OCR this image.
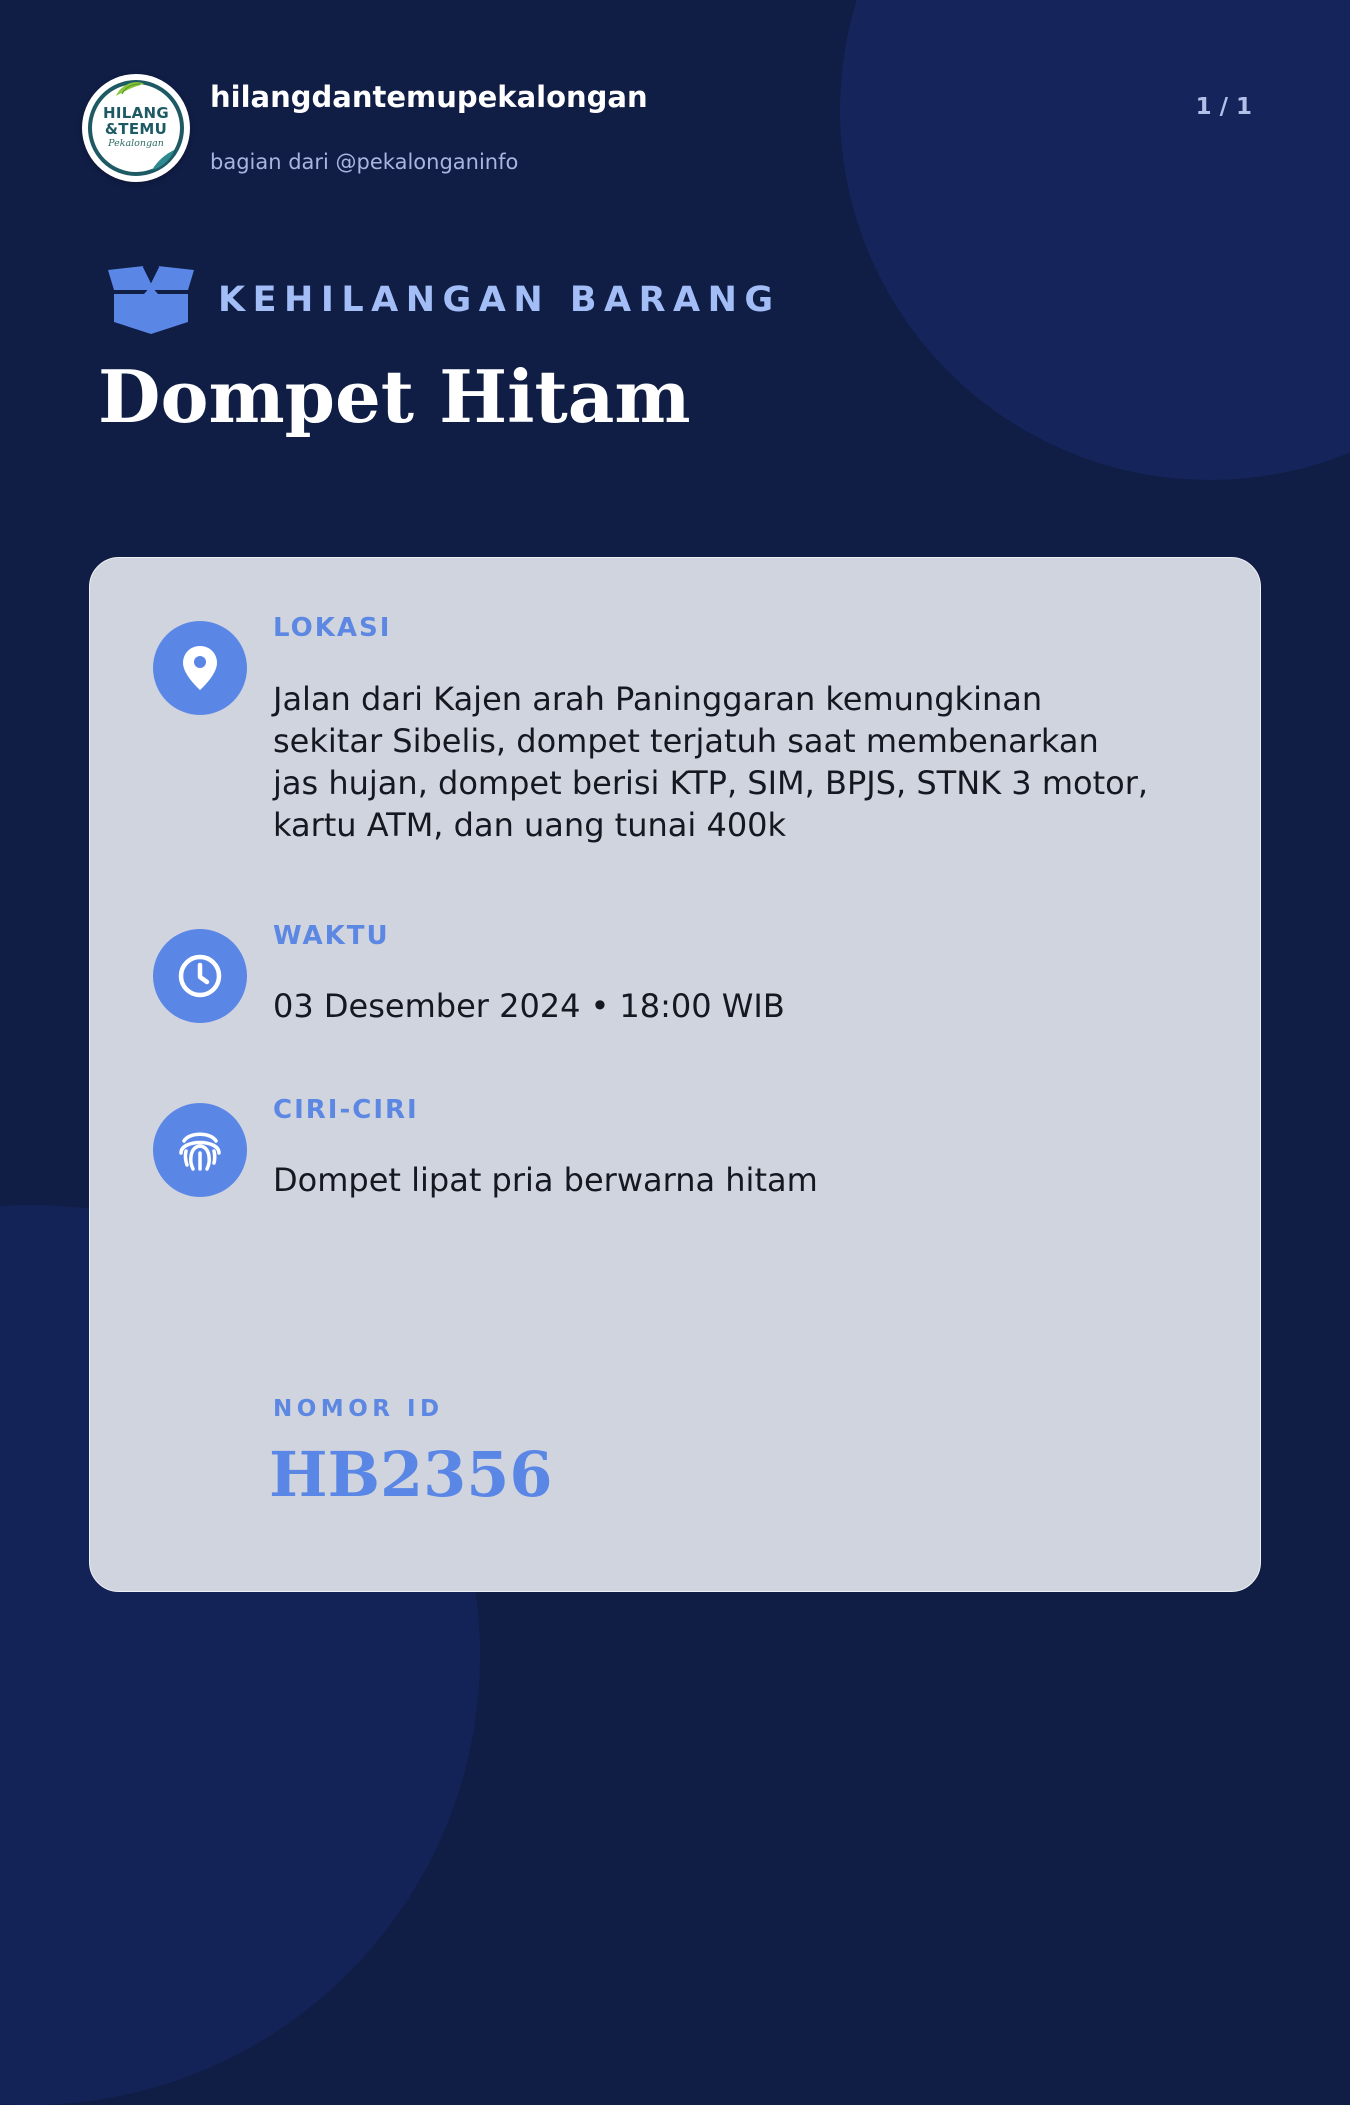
HILANG
&TEMU
Pekalongan
hilangdantemupekalongan
bagian dari @pekalonganinfo
1 / 1
KEHILANGAN BARANG
Dompet Hitam
LOKASI
Jalan dari Kajen arah Paninggaran kemungkinan sekitar Sibelis, dompet terjatuh saat membenarkan jas hujan, dompet berisi KTP, SIM, BPJS, STNK 3 motor, kartu ATM, dan uang tunai 400k
WAKTU
03 Desember 2024 • 18:00 WIB
CIRI-CIRI
Dompet lipat pria berwarna hitam
NOMOR ID
HB2356
